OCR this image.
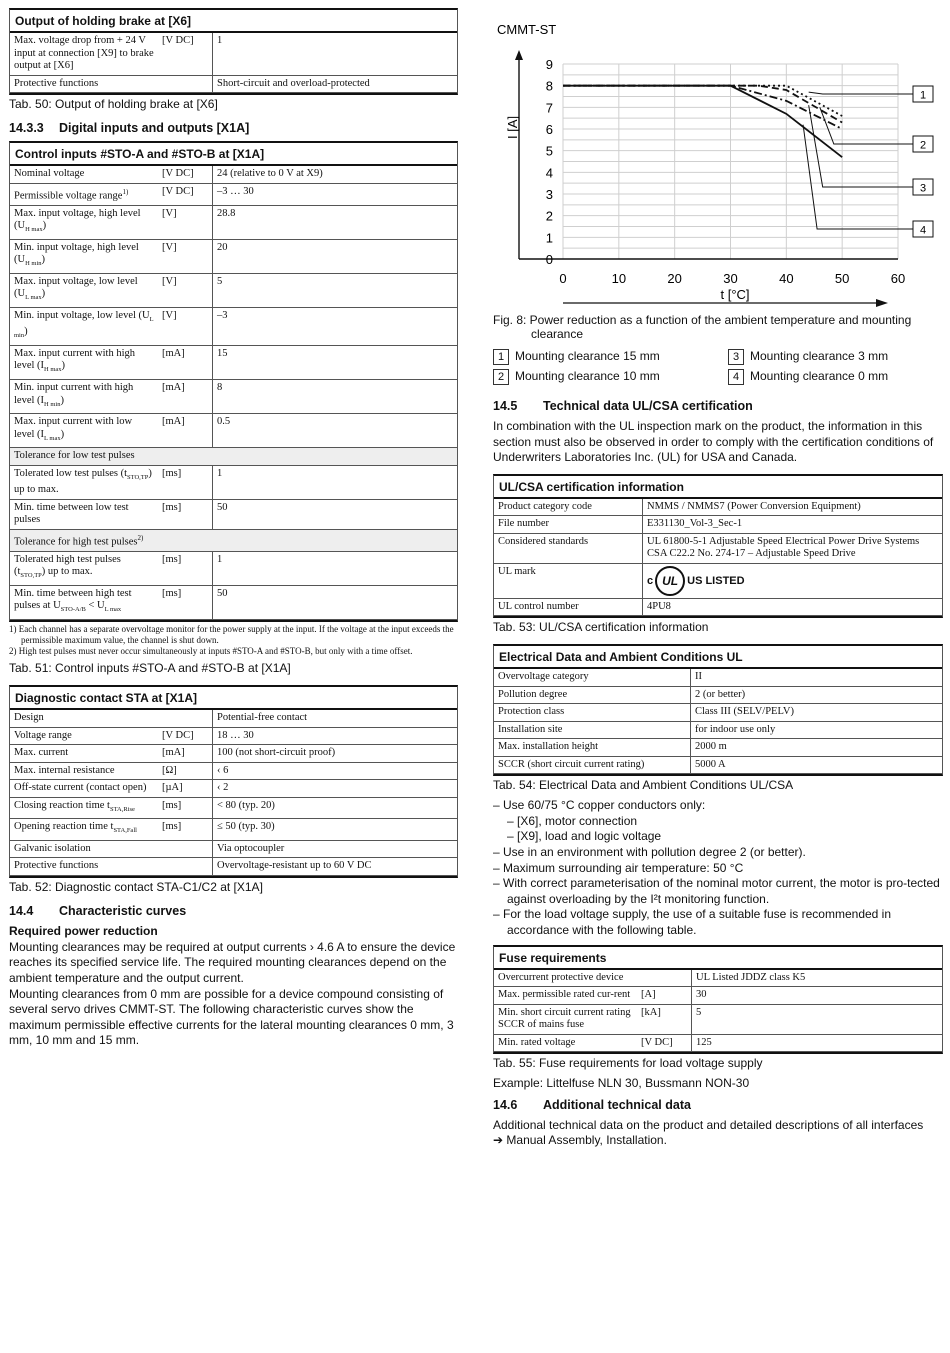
Output of holding brake at [X6]
Max. voltage drop from + 24 V input at connection [X9] to brake output at [X6]	[V DC]	1
Protective functions		Short-circuit and overload-protected
Tab. 50: Output of holding brake at [X6]
14.3.3 Digital inputs and outputs [X1A]
Control inputs #STO-A and #STO-B at [X1A]
Nominal voltage	[V DC]	24 (relative to 0 V at X9)
Permissible voltage range$^{1)}$	[V DC]	–3 … 30
Max. input voltage, high level $(U_{H max})$	[V]	28.8
Min. input voltage, high level $(U_{H min})$	[V]	20
Max. input voltage, low level $(U_{L max})$	[V]	5
Min. input voltage, low level $(U_{L min})$	[V]	–3
Max. input current with high level $(I_{H max})$	[mA]	15
Min. input current with high level $(I_{H min})$	[mA]	8
Max. input current with low level $(I_{L max})$	[mA]	0.5
Tolerance for low test pulses		
Tolerated low test pulses $(t_{STO,TP})$ up to max.	[ms]	1
Min. time between low test pulses	[ms]	50
Tolerance for high test pulses$^{2)}$
Tolerated high test pulses $(t_{STO,TP})$ up to max.	[ms]	1
Min. time between high test pulses at $U_{STO-A/B} < U_{L max}$	[ms]	50
1) Each channel has a separate overvoltage monitor for the power supply at the input. If the voltage at the input exceeds the permissible maximum value, the channel is shut down.
2) High test pulses must never occur simultaneously at inputs #STO-A and #STO-B, but only with a time offset.
Tab. 51: Control inputs #STO-A and #STO-B at [X1A]
Diagnostic contact STA at [X1A]
Design		Potential-free contact
Voltage range	[V DC]	18 … 30
Max. current	[mA]	100 (not short-circuit proof)
Max. internal resistance	[Ω]	‹ 6
Off-state current (contact open)	[µA]	‹ 2
Closing reaction time $t_{STA,Rise}$	[ms]	< 80 (typ. 20)
Opening reaction time $t_{STA,Fall}$	[ms]	≤ 50 (typ. 30)
Galvanic isolation		Via optocoupler
Protective functions		Overvoltage-resistant up to 60 V DC
Tab. 52: Diagnostic contact STA-C1/C2 at [X1A]
14.4 Characteristic curves
Required power reduction

Mounting clearances may be required at output currents › 4.6 A to ensure the device reaches its specified service life. The required mounting clearances depend on the ambient temperature and the output current.

Mounting clearances from 0 mm are possible for a device compound consisting of several servo drives CMMT-ST. The following characteristic curves show the maximum permissible effective currents for the lateral mounting clearances 0 mm, 3 mm, 10 mm and 15 mm.

CMMT-ST
0	10	20	30	40	50	60
0
1
2
3
4
5
6
7
8
9
t [°C]
I [A]
1
2
3
4
Fig. 8: Power reduction as a function of the ambient temperature and mounting
clearance
1 Mounting clearance 15 mm	3 Mounting clearance 3 mm
2 Mounting clearance 10 mm	4 Mounting clearance 0 mm
14.5 Technical data UL/CSA certification

In combination with the UL inspection mark on the product, the information in this section must also be observed in order to comply with the certification conditions of Underwriters Laboratories Inc. (UL) for USA and Canada.

UL/CSA certification information
Product category code	NMMS / NMMS7 (Power Conversion Equipment)

File number	E331130_Vol-3_Sec-1

Considered standards	UL 61800-5-1 Adjustable Speed Electrical Power Drive Systems
CSA C22.2 No. 274-17 – Adjustable Speed Drive

UL mark	c UL US LISTED

UL control number	4PU8
Tab. 53: UL/CSA certification information
Electrical Data and Ambient Conditions UL
Overvoltage category	II

Pollution degree	2 (or better)

Protection class	Class III (SELV/PELV)

Installation site	for indoor use only

Max. installation height	2000 m

SCCR (short circuit current rating)	5000 A
Tab. 54: Electrical Data and Ambient Conditions UL/CSA
– Use 60/75 °C copper conductors only:
– [X6], motor connection
– [X9], load and logic voltage
– Use in an environment with pollution degree 2 (or better).
– Maximum surrounding air temperature: 50 °C
– With correct parameterisation of the nominal motor current, the motor is pro-tected against overloading by the I²t monitoring function.
– For the load voltage supply, the use of a suitable fuse is recommended in accordance with the following table.
Fuse requirements
Overcurrent protective device		UL Listed JDDZ class K5
Max. permissible rated cur-rent	[A]	30
Min. short circuit current rating SCCR of mains fuse	[kA]	5
Min. rated voltage	[V DC]	125
Tab. 55: Fuse requirements for load voltage supply

Example: Littelfuse NLN 30, Bussmann NON-30

14.6 Additional technical data

Additional technical data on the product and detailed descriptions of all interfaces

➔ Manual Assembly, Installation.
